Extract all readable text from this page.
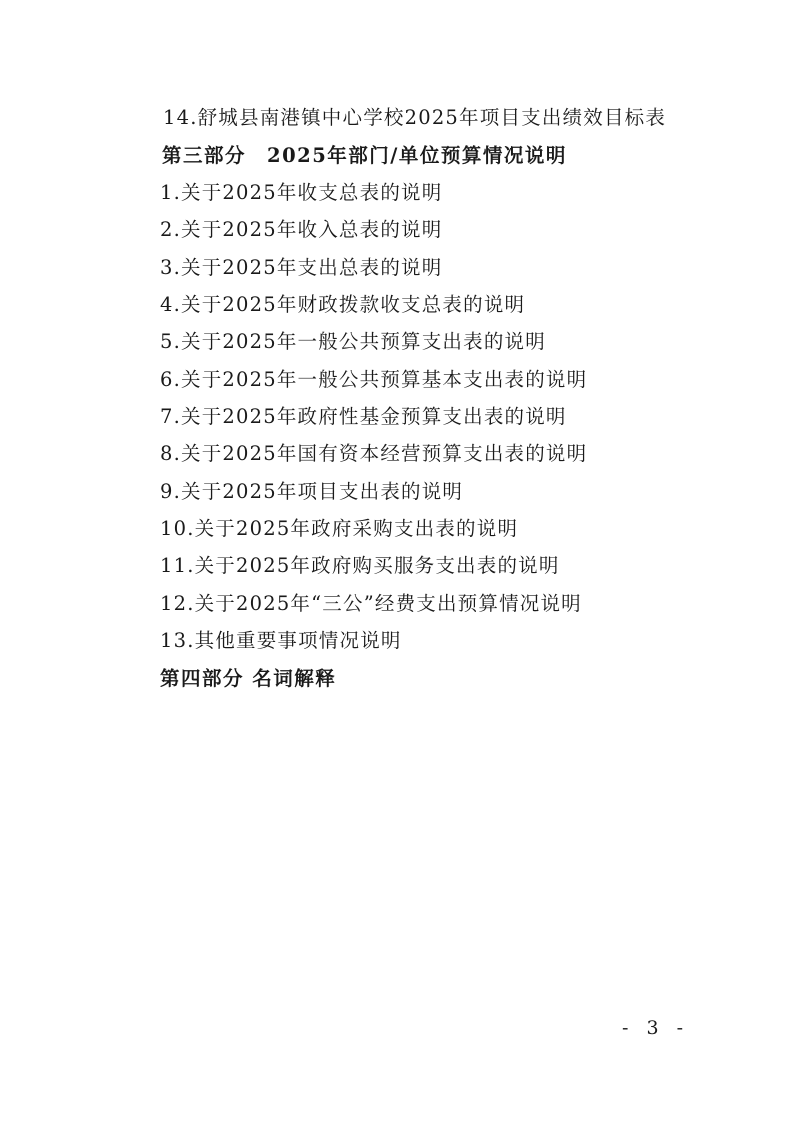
14.舒城县南港镇中心学校2025年项目支出绩效目标表
第三部分　2025年部门/单位预算情况说明
1.关于2025年收支总表的说明
2.关于2025年收入总表的说明
3.关于2025年支出总表的说明
4.关于2025年财政拨款收支总表的说明
5.关于2025年一般公共预算支出表的说明
6.关于2025年一般公共预算基本支出表的说明
7.关于2025年政府性基金预算支出表的说明
8.关于2025年国有资本经营预算支出表的说明
9.关于2025年项目支出表的说明
10.关于2025年政府采购支出表的说明
11.关于2025年政府购买服务支出表的说明
12.关于2025年“三公”经费支出预算情况说明
13.其他重要事项情况说明
第四部分 名词解释
- 3 -
